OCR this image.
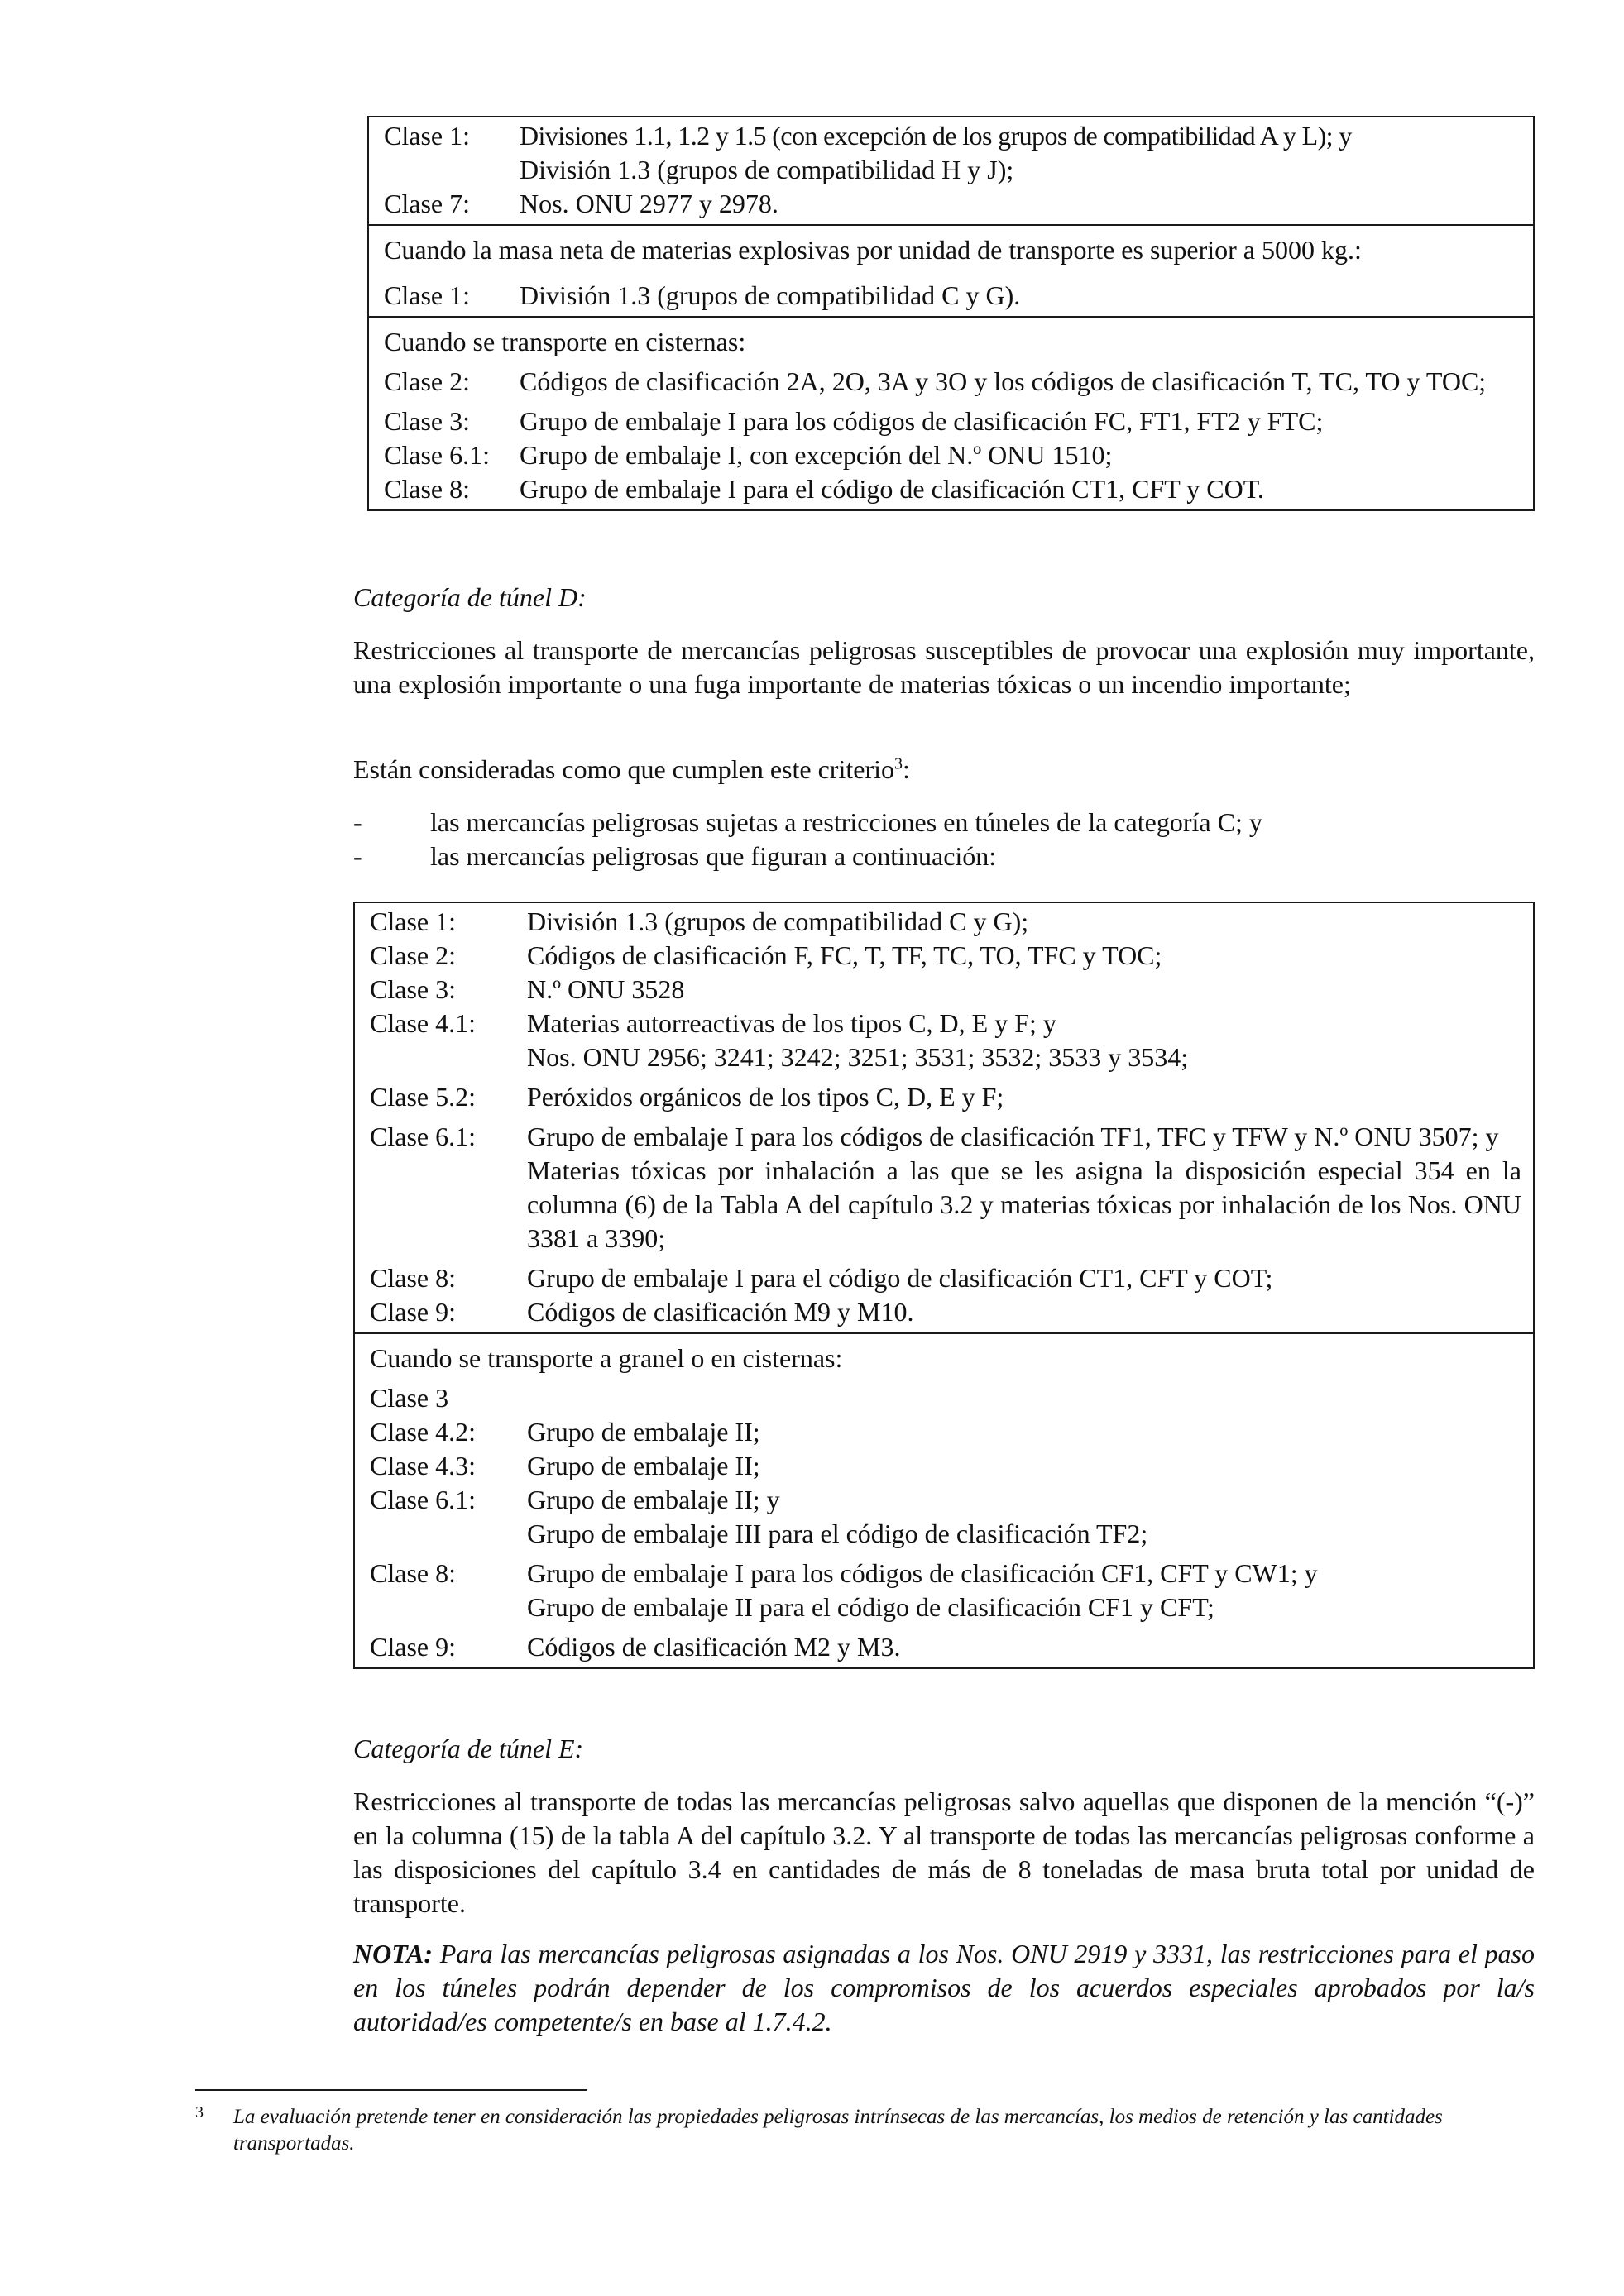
Clase 1:	Divisiones 1.1, 1.2 y 1.5 (con excepción de los grupos de compatibilidad A y L); y
División 1.3 (grupos de compatibilidad H y J);
Clase 7:	Nos. ONU 2977 y 2978.
Cuando la masa neta de materias explosivas por unidad de transporte es superior a 5000 kg.:
Clase 1:	División 1.3 (grupos de compatibilidad C y G).
Cuando se transporte en cisternas:
Clase 2:	Códigos de clasificación 2A, 2O, 3A y 3O y los códigos de clasificación T, TC, TO y TOC;
Clase 3:	Grupo de embalaje I para los códigos de clasificación FC, FT1, FT2 y FTC;
Clase 6.1:	Grupo de embalaje I, con excepción del N.º ONU 1510;
Clase 8:	Grupo de embalaje I para el código de clasificación CT1, CFT y COT.
Categoría de túnel D:
Restricciones al transporte de mercancías peligrosas susceptibles de provocar una explosión muy importante, una explosión importante o una fuga importante de materias tóxicas o un incendio importante;
Están consideradas como que cumplen este criterio$^3$:
-	las mercancías peligrosas sujetas a restricciones en túneles de la categoría C; y
-	las mercancías peligrosas que figuran a continuación:
Clase 1:	División 1.3 (grupos de compatibilidad C y G);
Clase 2:	Códigos de clasificación F, FC, T, TF, TC, TO, TFC y TOC;
Clase 3:	N.º ONU 3528
Clase 4.1:	Materias autorreactivas de los tipos C, D, E y F; y
Nos. ONU 2956; 3241; 3242; 3251; 3531; 3532; 3533 y 3534;
Clase 5.2:	Peróxidos orgánicos de los tipos C, D, E y F;
Clase 6.1:	Grupo de embalaje I para los códigos de clasificación TF1, TFC y TFW y N.º ONU 3507; y
Materias tóxicas por inhalación a las que se les asigna la disposición especial 354 en la columna (6) de la Tabla A del capítulo 3.2 y materias tóxicas por inhalación de los Nos. ONU 3381 a 3390;
Clase 8:	Grupo de embalaje I para el código de clasificación CT1, CFT y COT;
Clase 9:	Códigos de clasificación M9 y M10.
Cuando se transporte a granel o en cisternas:
Clase 3
Clase 4.2:	Grupo de embalaje II;
Clase 4.3:	Grupo de embalaje II;
Clase 6.1:	Grupo de embalaje II; y
Grupo de embalaje III para el código de clasificación TF2;
Clase 8:	Grupo de embalaje I para los códigos de clasificación CF1, CFT y CW1; y
Grupo de embalaje II para el código de clasificación CF1 y CFT;
Clase 9:	Códigos de clasificación M2 y M3.
Categoría de túnel E:
Restricciones al transporte de todas las mercancías peligrosas salvo aquellas que disponen de la mención “(-)” en la columna (15) de la tabla A del capítulo 3.2. Y al transporte de todas las mercancías peligrosas conforme a las disposiciones del capítulo 3.4 en cantidades de más de 8 toneladas de masa bruta total por unidad de transporte.
NOTA: Para las mercancías peligrosas asignadas a los Nos. ONU 2919 y 3331, las restricciones para el paso en los túneles podrán depender de los compromisos de los acuerdos especiales aprobados por la/s autoridad/es competente/s en base al 1.7.4.2.
3	La evaluación pretende tener en consideración las propiedades peligrosas intrínsecas de las mercancías, los medios de retención y las cantidades transportadas.
